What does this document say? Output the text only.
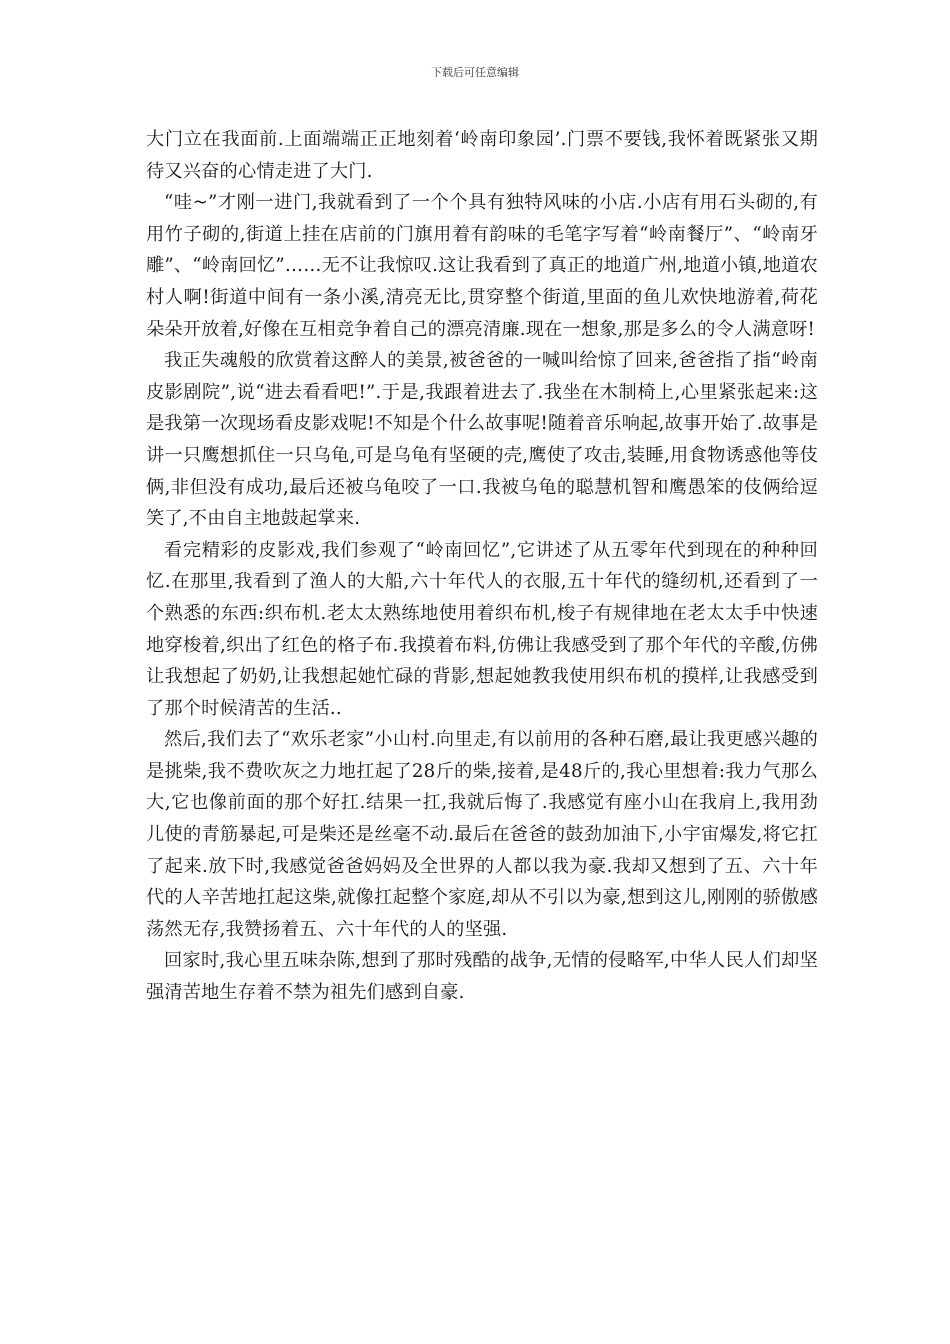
下载后可任意编辑

大门立在我面前.上面端端正正地刻着‘岭南印象园’.门票不要钱,我怀着既紧张又期待又兴奋的心情走进了大门.

“哇~”才刚一进门,我就看到了一个个具有独特风味的小店.小店有用石头砌的,有用竹子砌的,街道上挂在店前的门旗用着有韵味的毛笔字写着“岭南餐厅”、“岭南牙雕”、“岭南回忆”……无不让我惊叹.这让我看到了真正的地道广州,地道小镇,地道农村人啊!街道中间有一条小溪,清亮无比,贯穿整个街道,里面的鱼儿欢快地游着,荷花朵朵开放着,好像在互相竞争着自己的漂亮清廉.现在一想象,那是多么的令人满意呀!

我正失魂般的欣赏着这醉人的美景,被爸爸的一喊叫给惊了回来,爸爸指了指“岭南皮影剧院”,说“进去看看吧!”.于是,我跟着进去了.我坐在木制椅上,心里紧张起来:这是我第一次现场看皮影戏呢!不知是个什么故事呢!随着音乐响起,故事开始了.故事是讲一只鹰想抓住一只乌龟,可是乌龟有坚硬的壳,鹰使了攻击,装睡,用食物诱惑他等伎俩,非但没有成功,最后还被乌龟咬了一口.我被乌龟的聪慧机智和鹰愚笨的伎俩给逗笑了,不由自主地鼓起掌来.

看完精彩的皮影戏,我们参观了“岭南回忆”,它讲述了从五零年代到现在的种种回忆.在那里,我看到了渔人的大船,六十年代人的衣服,五十年代的缝纫机,还看到了一个熟悉的东西:织布机.老太太熟练地使用着织布机,梭子有规律地在老太太手中快速地穿梭着,织出了红色的格子布.我摸着布料,仿佛让我感受到了那个年代的辛酸,仿佛让我想起了奶奶,让我想起她忙碌的背影,想起她教我使用织布机的摸样,让我感受到了那个时候清苦的生活..

然后,我们去了“欢乐老家”小山村.向里走,有以前用的各种石磨,最让我更感兴趣的是挑柴,我不费吹灰之力地扛起了28斤的柴,接着,是48斤的,我心里想着:我力气那么大,它也像前面的那个好扛.结果一扛,我就后悔了.我感觉有座小山在我肩上,我用劲儿使的青筋暴起,可是柴还是丝毫不动.最后在爸爸的鼓劲加油下,小宇宙爆发,将它扛了起来.放下时,我感觉爸爸妈妈及全世界的人都以我为豪.我却又想到了五、六十年代的人辛苦地扛起这柴,就像扛起整个家庭,却从不引以为豪,想到这儿,刚刚的骄傲感荡然无存,我赞扬着五、六十年代的人的坚强.

回家时,我心里五味杂陈,想到了那时残酷的战争,无情的侵略军,中华人民人们却坚强清苦地生存着不禁为祖先们感到自豪.
